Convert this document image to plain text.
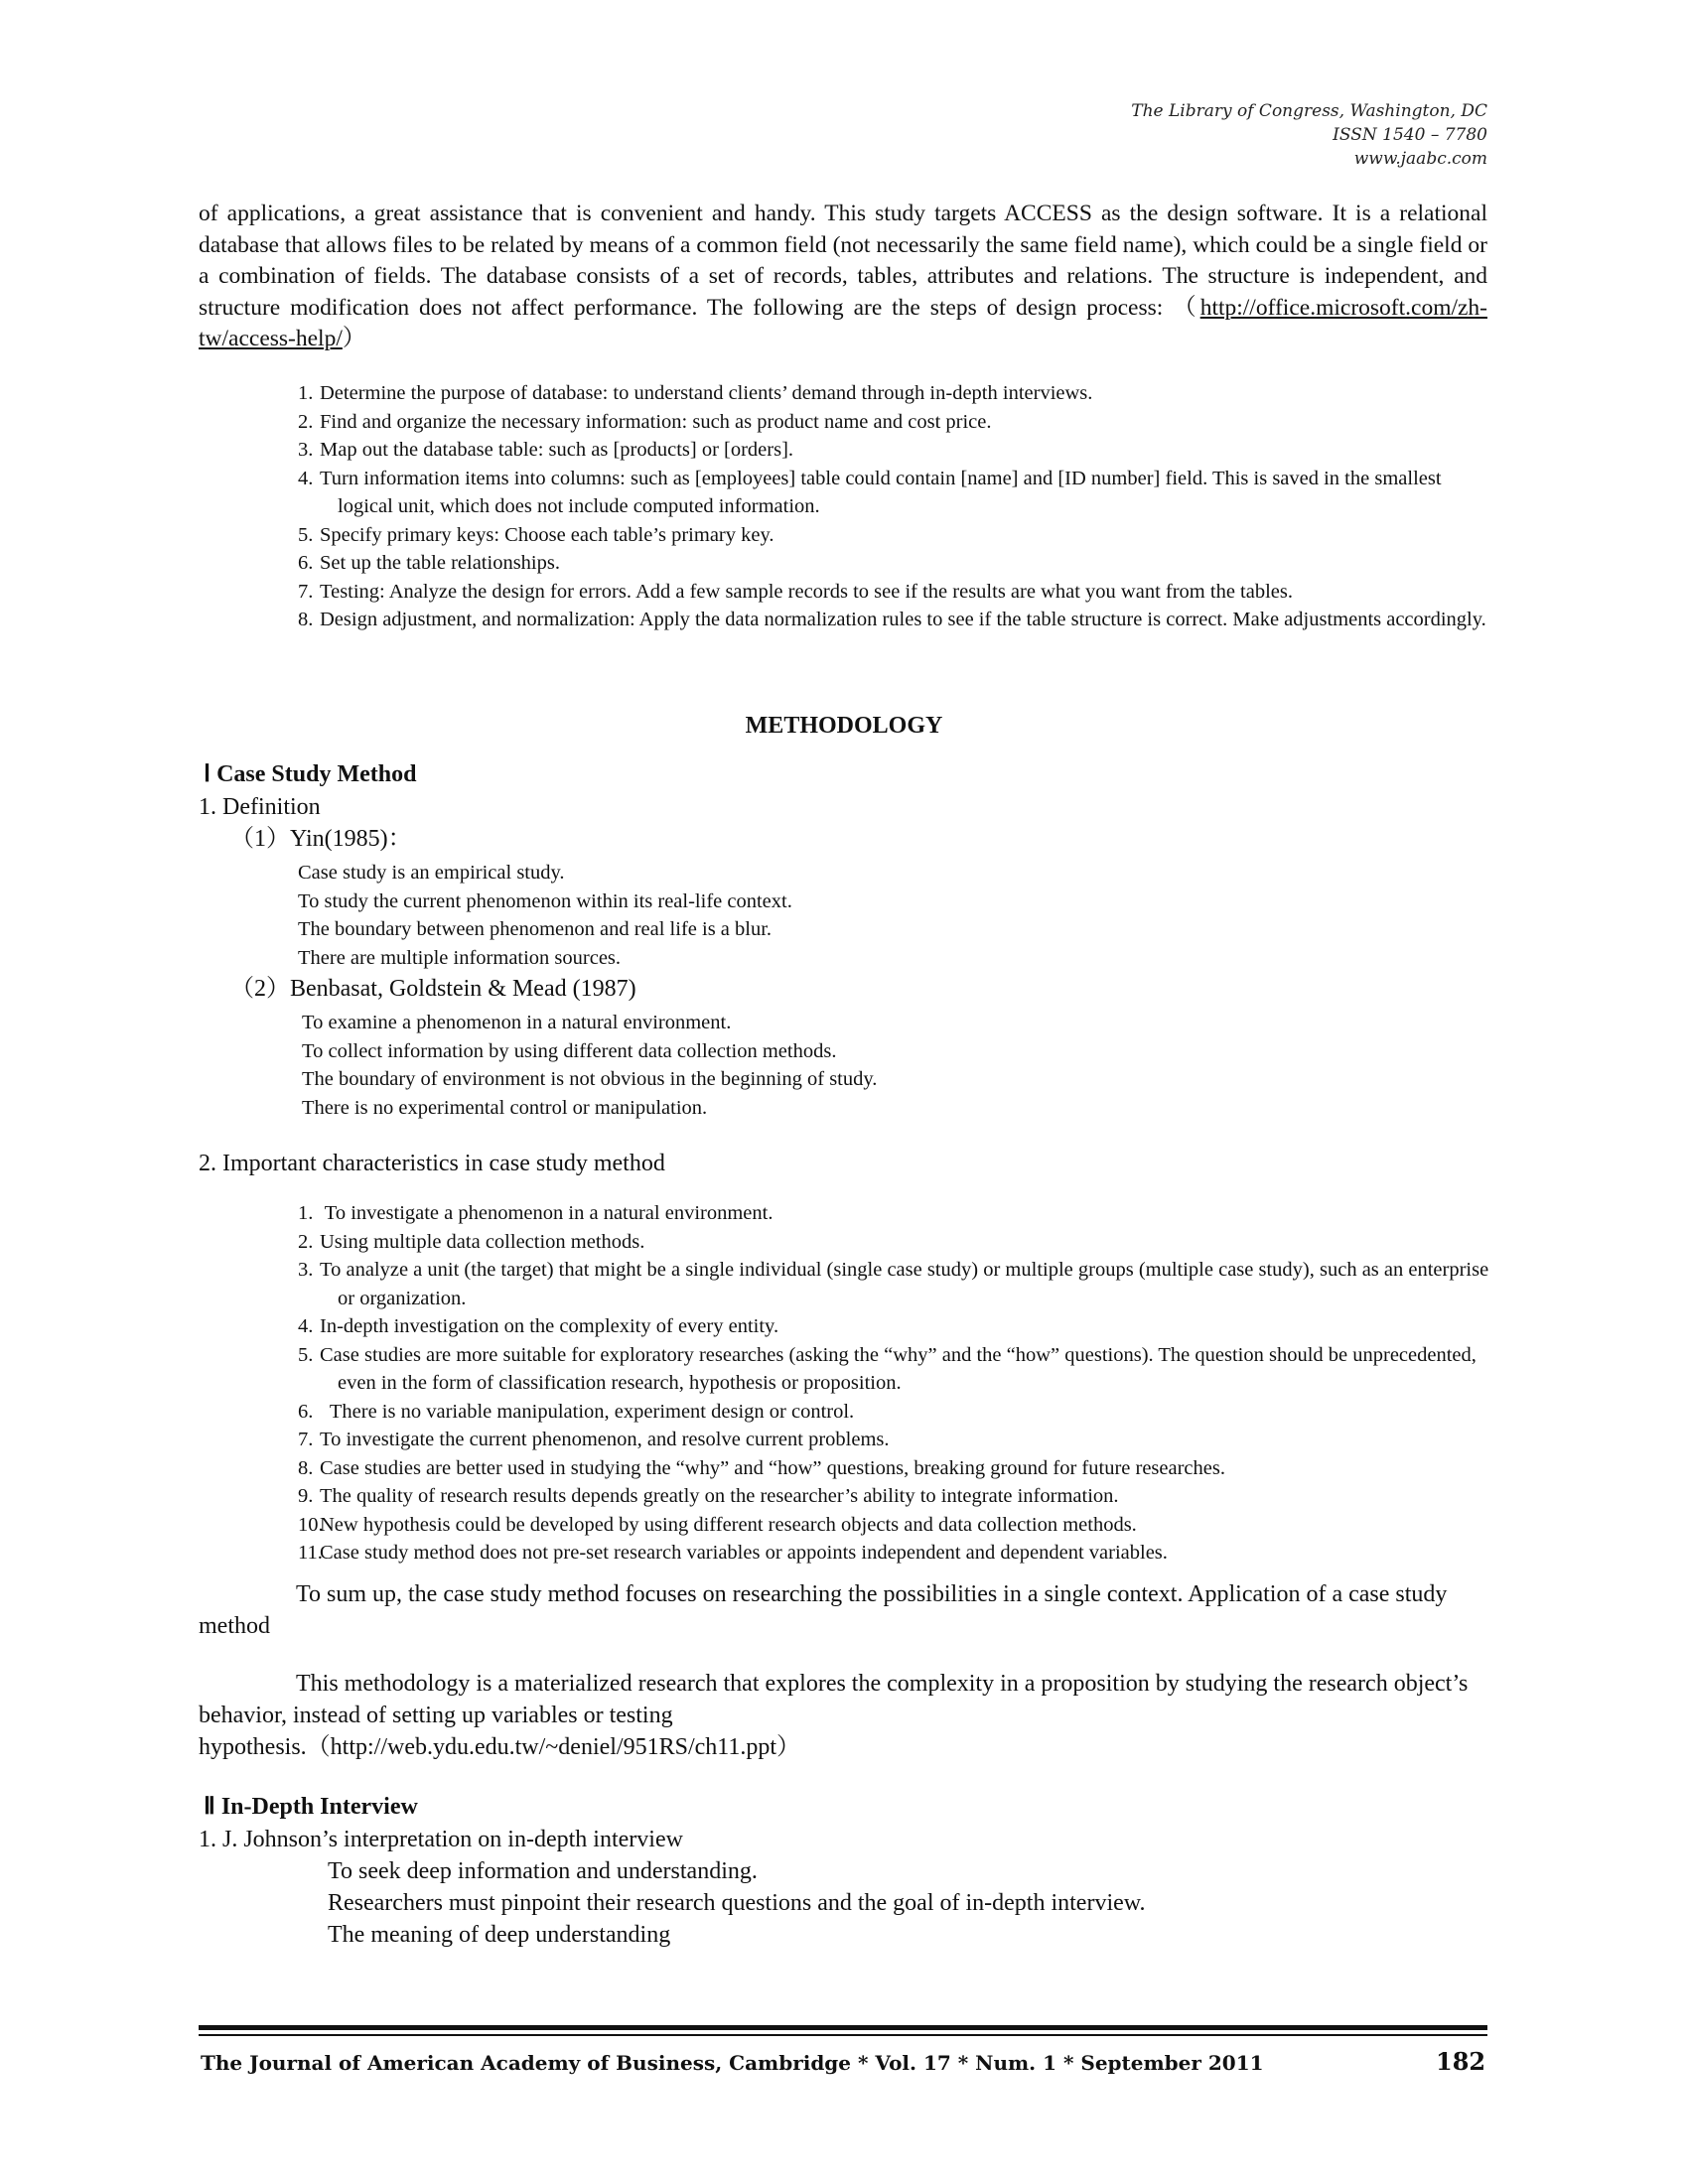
The Library of Congress, Washington, DC
ISSN 1540 – 7780
www.jaabc.com
of applications, a great assistance that is convenient and handy. This study targets ACCESS as the design software. It is a relational database that allows files to be related by means of a common field (not necessarily the same field name), which could be a single field or a combination of fields. The database consists of a set of records, tables, attributes and relations. The structure is independent, and structure modification does not affect performance. The following are the steps of design process: （http://office.microsoft.com/zh-tw/access-help/）
1. Determine the purpose of database: to understand clients’ demand through in-depth interviews.
2. Find and organize the necessary information: such as product name and cost price.
3. Map out the database table: such as [products] or [orders].
4. Turn information items into columns: such as [employees] table could contain [name] and [ID number] field. This is saved in the smallest logical unit, which does not include computed information.
5. Specify primary keys: Choose each table’s primary key.
6. Set up the table relationships.
7. Testing: Analyze the design for errors. Add a few sample records to see if the results are what you want from the tables.
8. Design adjustment, and normalization: Apply the data normalization rules to see if the table structure is correct. Make adjustments accordingly.
METHODOLOGY
Ⅰ Case Study Method
1. Definition
（1）Yin(1985)：
Case study is an empirical study.
To study the current phenomenon within its real-life context.
The boundary between phenomenon and real life is a blur.
There are multiple information sources.
（2）Benbasat, Goldstein & Mead (1987)
To examine a phenomenon in a natural environment.
To collect information by using different data collection methods.
The boundary of environment is not obvious in the beginning of study.
There is no experimental control or manipulation.
2. Important characteristics in case study method
1. To investigate a phenomenon in a natural environment.
2. Using multiple data collection methods.
3. To analyze a unit (the target) that might be a single individual (single case study) or multiple groups (multiple case study), such as an enterprise or organization.
4. In-depth investigation on the complexity of every entity.
5. Case studies are more suitable for exploratory researches (asking the “why” and the “how” questions). The question should be unprecedented, even in the form of classification research, hypothesis or proposition.
6.  There is no variable manipulation, experiment design or control.
7. To investigate the current phenomenon, and resolve current problems.
8. Case studies are better used in studying the “why” and “how” questions, breaking ground for future researches.
9. The quality of research results depends greatly on the researcher’s ability to integrate information.
10.New hypothesis could be developed by using different research objects and data collection methods.
11.Case study method does not pre-set research variables or appoints independent and dependent variables.
To sum up, the case study method focuses on researching the possibilities in a single context. Application of a case study method
This methodology is a materialized research that explores the complexity in a proposition by studying the research object’s behavior, instead of setting up variables or testing
hypothesis.（http://web.ydu.edu.tw/~deniel/951RS/ch11.ppt）
Ⅱ In-Depth Interview
1. J. Johnson’s interpretation on in-depth interview
To seek deep information and understanding.
Researchers must pinpoint their research questions and the goal of in-depth interview.
The meaning of deep understanding
The Journal of American Academy of Business, Cambridge * Vol. 17 * Num. 1 * September 2011	182
